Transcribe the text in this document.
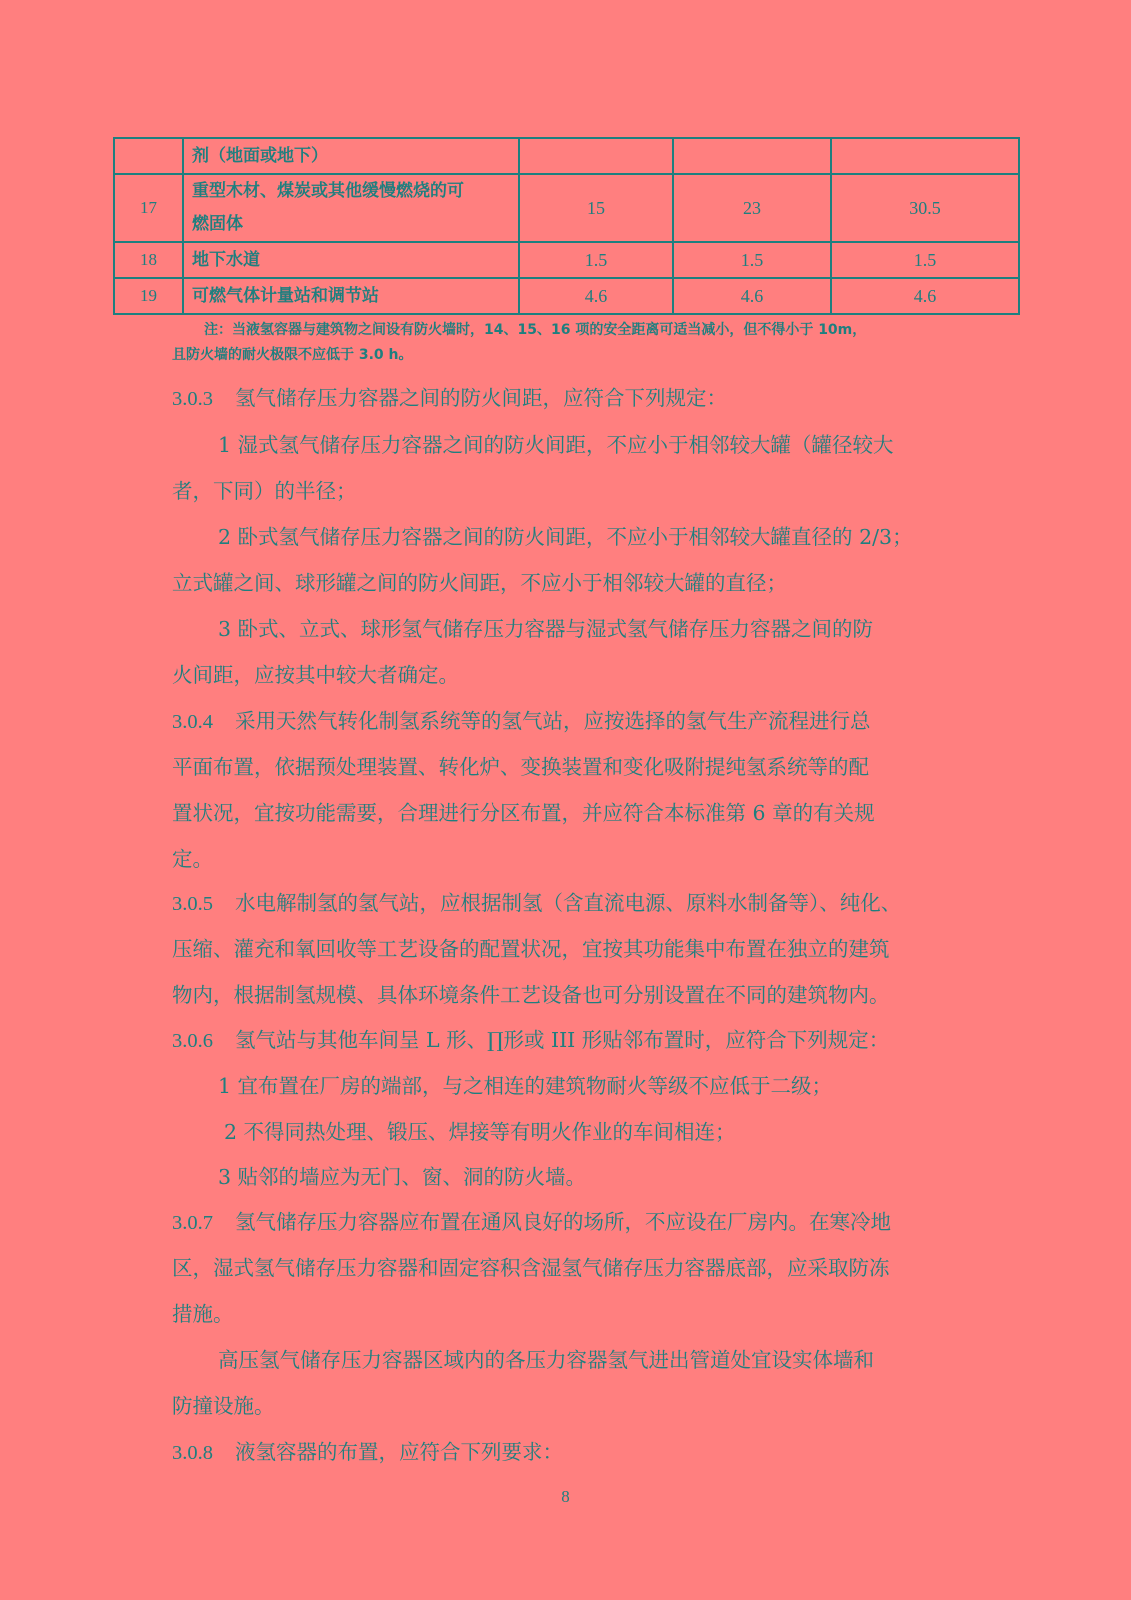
	剂（地面或地下）			
17	重型木材、煤炭或其他缓慢燃烧的可
燃固体	15	23	30.5
18	地下水道	1.5	1.5	1.5
19	可燃气体计量站和调节站	4.6	4.6	4.6
注：当液氢容器与建筑物之间设有防火墙时，14、15、16 项的安全距离可适当减小，但不得小于 10m，
且防火墙的耐火极限不应低于 3.0 h。
3.0.3 氢气储存压力容器之间的防火间距，应符合下列规定：
1 湿式氢气储存压力容器之间的防火间距，不应小于相邻较大罐（罐径较大
者，下同）的半径；
2 卧式氢气储存压力容器之间的防火间距，不应小于相邻较大罐直径的 2/3；
立式罐之间、球形罐之间的防火间距，不应小于相邻较大罐的直径；
3 卧式、立式、球形氢气储存压力容器与湿式氢气储存压力容器之间的防
火间距，应按其中较大者确定。
3.0.4 采用天然气转化制氢系统等的氢气站，应按选择的氢气生产流程进行总
平面布置，依据预处理装置、转化炉、变换装置和变化吸附提纯氢系统等的配
置状况，宜按功能需要，合理进行分区布置，并应符合本标准第 6 章的有关规
定。
3.0.5 水电解制氢的氢气站，应根据制氢（含直流电源、原料水制备等）、纯化、
压缩、灌充和氧回收等工艺设备的配置状况，宜按其功能集中布置在独立的建筑
物内，根据制氢规模、具体环境条件工艺设备也可分别设置在不同的建筑物内。
3.0.6 氢气站与其他车间呈 L 形、∏形或 III 形贴邻布置时，应符合下列规定：
1 宜布置在厂房的端部，与之相连的建筑物耐火等级不应低于二级；
2 不得同热处理、锻压、焊接等有明火作业的车间相连；
3 贴邻的墙应为无门、窗、洞的防火墙。
3.0.7 氢气储存压力容器应布置在通风良好的场所，不应设在厂房内。在寒冷地
区，湿式氢气储存压力容器和固定容积含湿氢气储存压力容器底部，应采取防冻
措施。
高压氢气储存压力容器区域内的各压力容器氢气进出管道处宜设实体墙和
防撞设施。
3.0.8 液氢容器的布置，应符合下列要求：
8
